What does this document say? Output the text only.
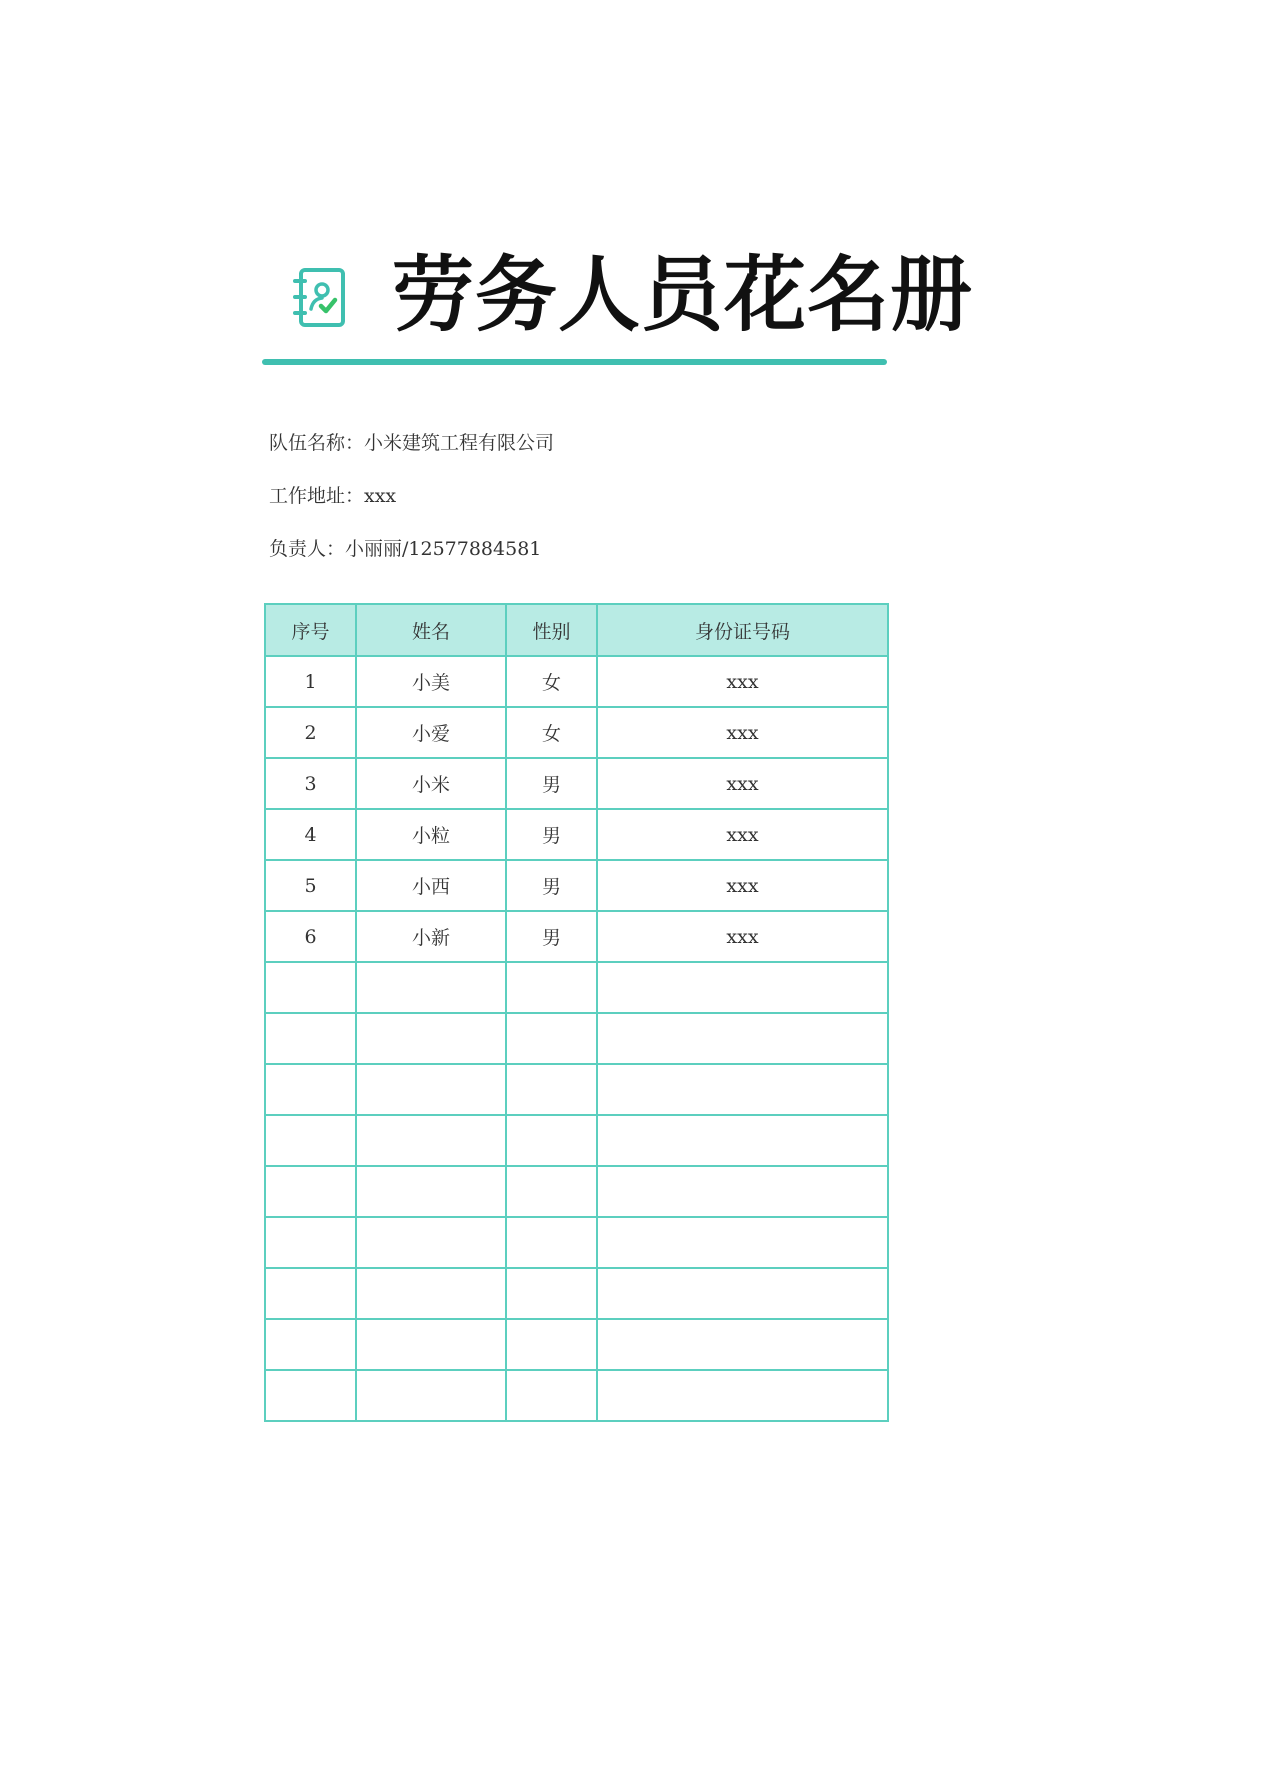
劳务人员花名册
队伍名称：小米建筑工程有限公司
工作地址：xxx
负责人：小丽丽/12577884581
序号	姓名	性别	身份证号码
1	小美	女	xxx
2	小爱	女	xxx
3	小米	男	xxx
4	小粒	男	xxx
5	小西	男	xxx
6	小新	男	xxx
